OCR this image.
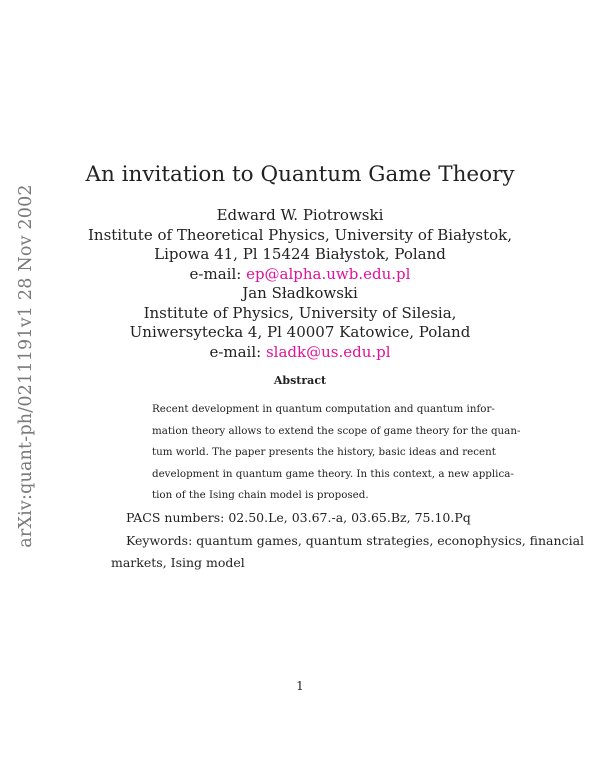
arXiv:quant-ph/0211191v1 28 Nov 2002
An invitation to Quantum Game Theory
Edward W. Piotrowski
Institute of Theoretical Physics, University of Białystok,
Lipowa 41, Pl 15424 Białystok, Poland
e-mail: ep@alpha.uwb.edu.pl
Jan Sładkowski
Institute of Physics, University of Silesia,
Uniwersytecka 4, Pl 40007 Katowice, Poland
e-mail: sladk@us.edu.pl
Abstract
Recent development in quantum computation and quantum infor-
mation theory allows to extend the scope of game theory for the quan-
tum world. The paper presents the history, basic ideas and recent
development in quantum game theory. In this context, a new applica-
tion of the Ising chain model is proposed.
PACS numbers: 02.50.Le, 03.67.-a, 03.65.Bz, 75.10.Pq
Keywords: quantum games, quantum strategies, econophysics, financial
markets, Ising model
1
